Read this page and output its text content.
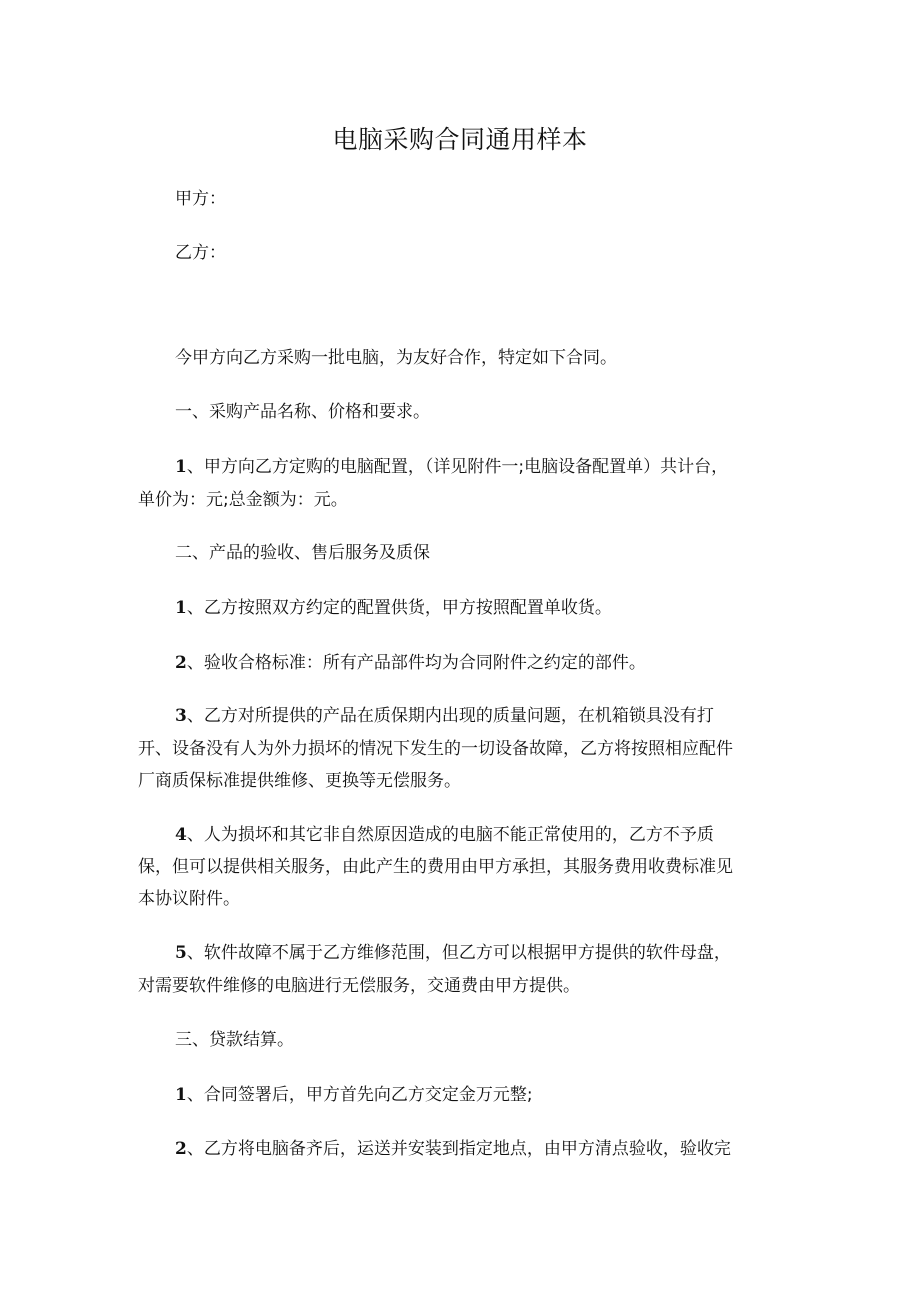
电脑采购合同通用样本
甲方：
乙方：
今甲方向乙方采购一批电脑，为友好合作，特定如下合同。
一、采购产品名称、价格和要求。
1、甲方向乙方定购的电脑配置，（详见附件一;电脑设备配置单）共计台，
单价为：元;总金额为：元。
二、产品的验收、售后服务及质保
1、乙方按照双方约定的配置供货，甲方按照配置单收货。
2、验收合格标准：所有产品部件均为合同附件之约定的部件。
3、乙方对所提供的产品在质保期内出现的质量问题，在机箱锁具没有打
开、设备没有人为外力损坏的情况下发生的一切设备故障，乙方将按照相应配件
厂商质保标准提供维修、更换等无偿服务。
4、人为损坏和其它非自然原因造成的电脑不能正常使用的，乙方不予质
保，但可以提供相关服务，由此产生的费用由甲方承担，其服务费用收费标准见
本协议附件。
5、软件故障不属于乙方维修范围，但乙方可以根据甲方提供的软件母盘，
对需要软件维修的电脑进行无偿服务，交通费由甲方提供。
三、贷款结算。
1、合同签署后，甲方首先向乙方交定金万元整;
2、乙方将电脑备齐后，运送并安装到指定地点，由甲方清点验收，验收完
